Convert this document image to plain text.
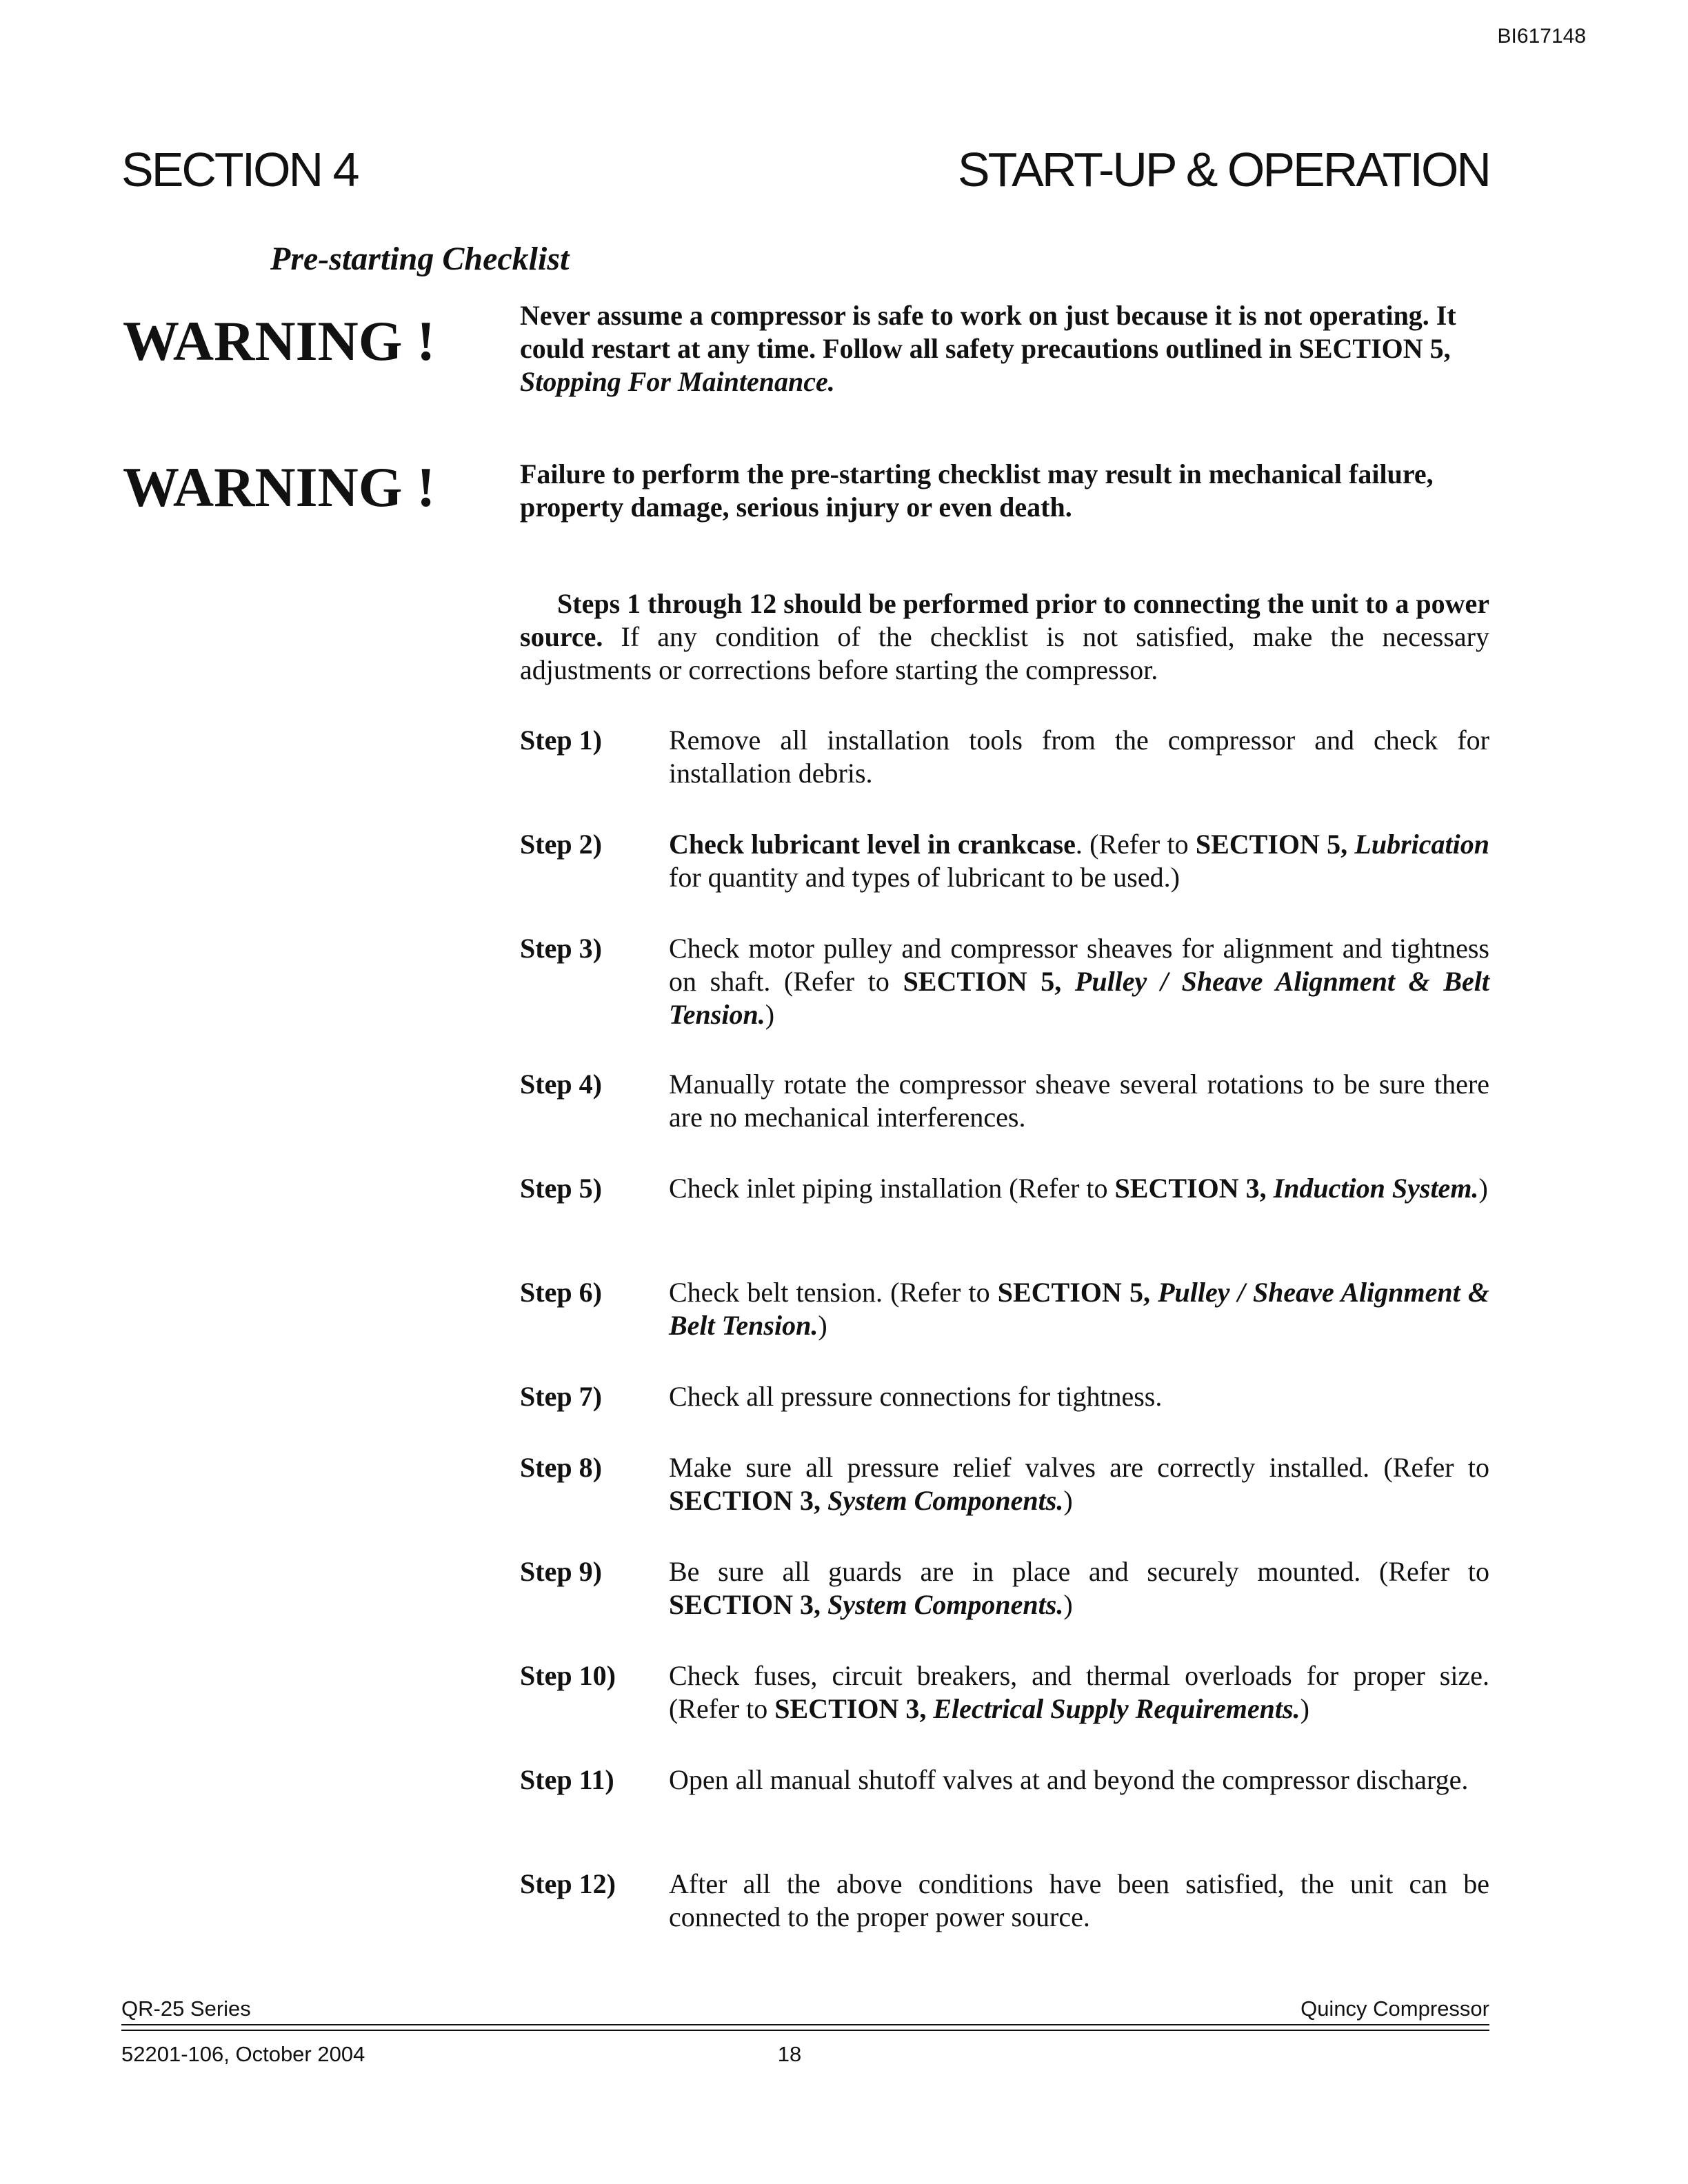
BI617148
SECTION 4	START-UP & OPERATION
Pre-starting Checklist
WARNING !	Never assume a compressor is safe to work on just because it is not operating. It could restart at any time. Follow all safety precautions outlined in SECTION 5, Stopping For Maintenance.
WARNING !	Failure to perform the pre-starting checklist may result in mechanical failure, property damage, serious injury or even death.
Steps 1 through 12 should be performed prior to connecting the unit to a power source. If any condition of the checklist is not satisfied, make the necessary adjustments or corrections before starting the compressor.
Step 1)	Remove all installation tools from the compressor and check for installation debris.
Step 2)	Check lubricant level in crankcase. (Refer to SECTION 5, Lubrication for quantity and types of lubricant to be used.)
Step 3)	Check motor pulley and compressor sheaves for alignment and tightness on shaft. (Refer to SECTION 5, Pulley / Sheave Alignment & Belt Tension.)
Step 4)	Manually rotate the compressor sheave several rotations to be sure there are no mechanical interferences.
Step 5)	Check inlet piping installation (Refer to SECTION 3, Induction System.)
Step 6)	Check belt tension. (Refer to SECTION 5, Pulley / Sheave Alignment & Belt Tension.)
Step 7)	Check all pressure connections for tightness.
Step 8)	Make sure all pressure relief valves are correctly installed. (Refer to SECTION 3, System Components.)
Step 9)	Be sure all guards are in place and securely mounted. (Refer to SECTION 3, System Components.)
Step 10)	Check fuses, circuit breakers, and thermal overloads for proper size. (Refer to SECTION 3, Electrical Supply Requirements.)
Step 11)	Open all manual shutoff valves at and beyond the compressor discharge.
Step 12)	After all the above conditions have been satisfied, the unit can be connected to the proper power source.
QR-25 Series	Quincy Compressor
52201-106, October 2004	18
